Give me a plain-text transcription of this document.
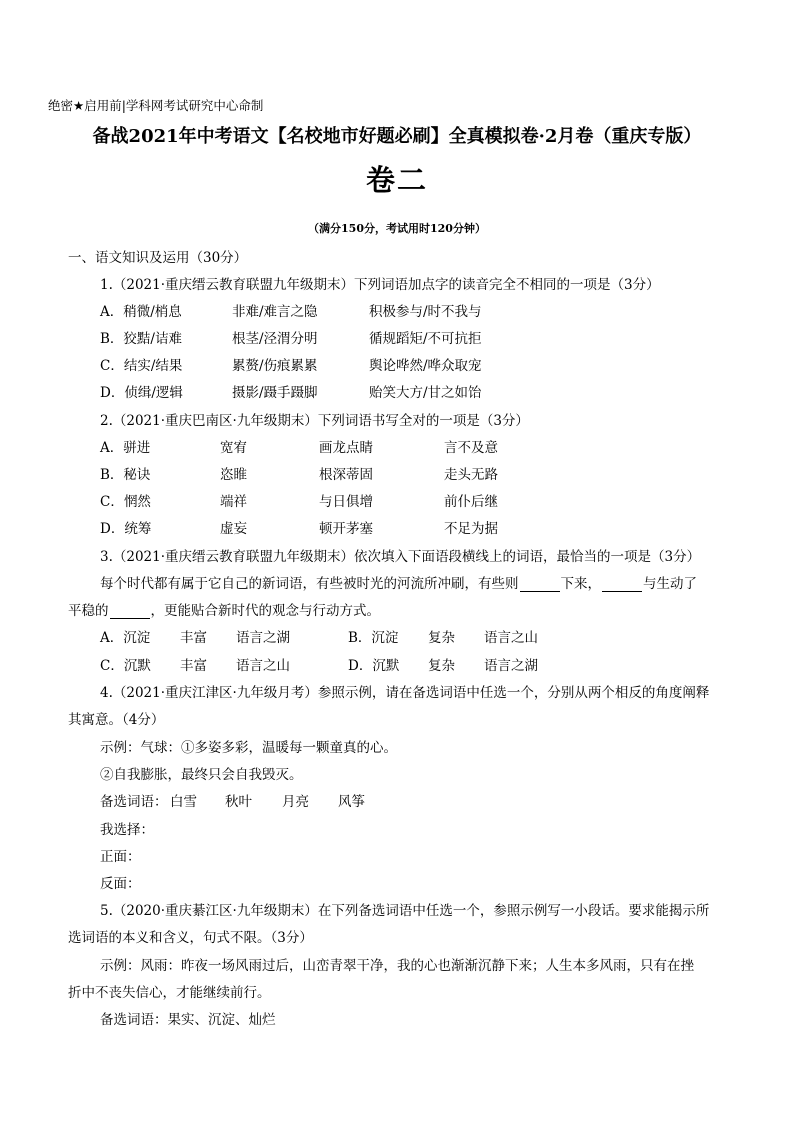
绝密★启用前|学科网考试研究中心命制
备战2021年中考语文【名校地市好题必刷】全真模拟卷·2月卷（重庆专版）
卷二
（满分150分，考试用时120分钟）
一、语文知识及运用（30分）
1.（2021·重庆缙云教育联盟九年级期末）下列词语加点字的读音完全不相同的一项是（3分）
A．稍微/梢息	非难/难言之隐	积极参与/时不我与
B．狡黠/诘难	根茎/泾渭分明	循规蹈矩/不可抗拒
C．结实/结果	累赘/伤痕累累	舆论哗然/哗众取宠
D．侦缉/逻辑	摄影/蹑手蹑脚	贻笑大方/甘之如饴
2.（2021·重庆巴南区·九年级期末）下列词语书写全对的一项是（3分）
A．骈进	宽宥	画龙点睛	言不及意
B．秘诀	恣睢	根深蒂固	走头无路
C．惘然	端祥	与日俱增	前仆后继
D．统筹	虚妄	顿开茅塞	不足为据
3.（2021·重庆缙云教育联盟九年级期末）依次填入下面语段横线上的词语，最恰当的一项是（3分）
每个时代都有属于它自己的新词语，有些被时光的河流所冲刷，有些则	下来，	与生动了
平稳的	，更能贴合新时代的观念与行动方式。
A．沉淀 丰富 语言之湖	B．沉淀 复杂 语言之山
C．沉默 丰富 语言之山	D．沉默 复杂 语言之湖
4.（2021·重庆江津区·九年级月考）参照示例，请在备选词语中任选一个，分别从两个相反的角度阐释
其寓意。（4分）
示例：气球：①多姿多彩，温暖每一颗童真的心。
②自我膨胀，最终只会自我毁灭。
备选词语： 白雪 秋叶 月亮 风筝
我选择：
正面：
反面：
5.（2020·重庆綦江区·九年级期末）在下列备选词语中任选一个，参照示例写一小段话。要求能揭示所
选词语的本义和含义，句式不限。（3分）
示例：风雨：昨夜一场风雨过后，山峦青翠干净，我的心也渐渐沉静下来；人生本多风雨，只有在挫
折中不丧失信心，才能继续前行。
备选词语：果实、沉淀、灿烂
